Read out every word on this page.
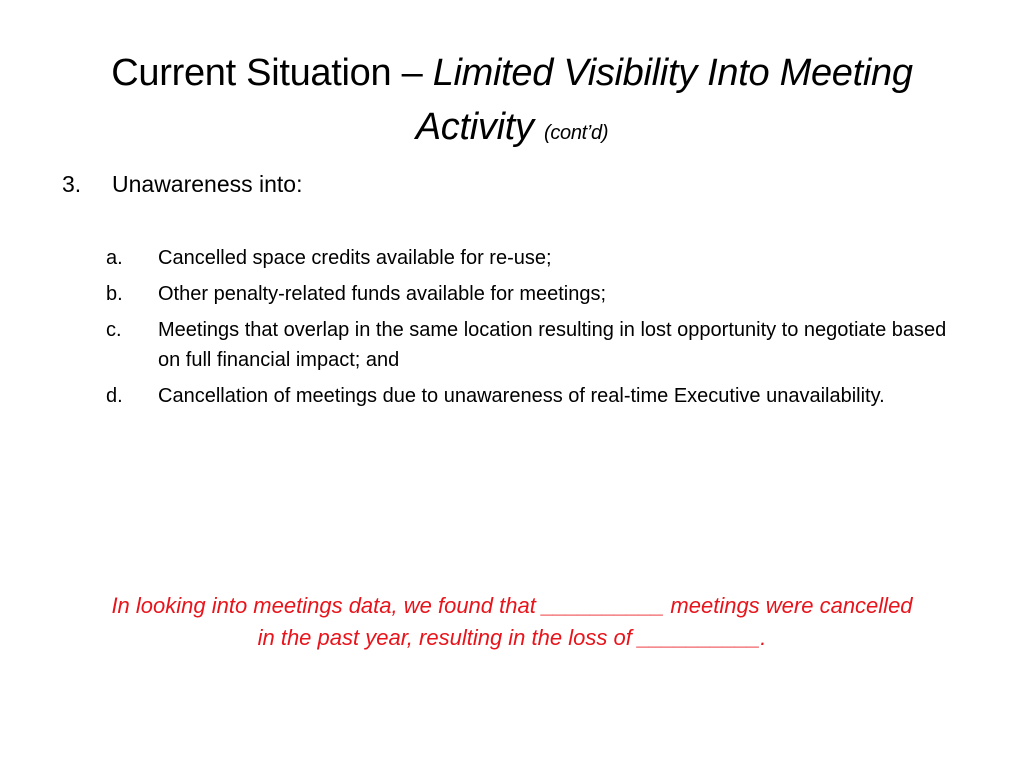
Current Situation – Limited Visibility Into Meeting Activity (cont’d)
3. Unawareness into:
a.	Cancelled space credits available for re-use;
b.	Other penalty-related funds available for meetings;
c.	Meetings that overlap in the same location resulting in lost opportunity to negotiate based on full financial impact; and
d.	Cancellation of meetings due to unawareness of real-time Executive unavailability.
In looking into meetings data, we found that __________ meetings were cancelled
in the past year, resulting in the loss of __________.
